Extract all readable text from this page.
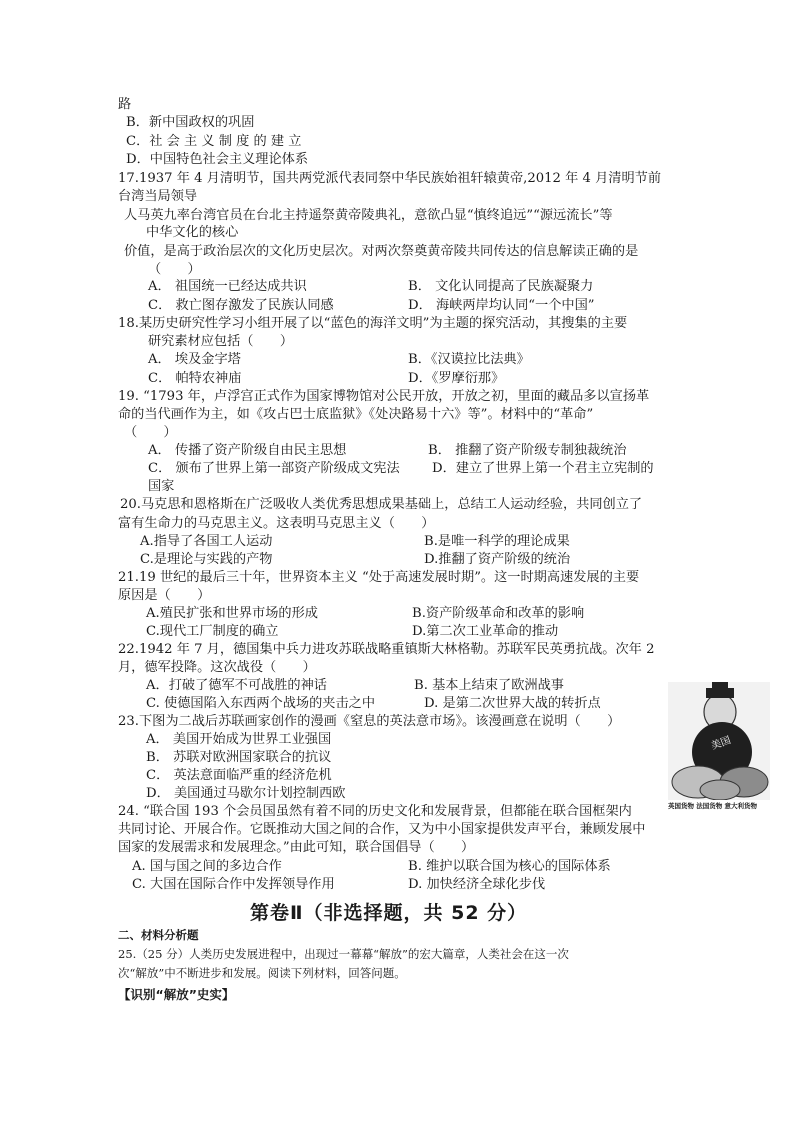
路
B．新中国政权的巩固
C．社 会 主 义 制 度 的 建 立
D．中国特色社会主义理论体系
17.1937 年 4 月清明节，国共两党派代表同祭中华民族始祖轩辕黄帝,2012 年 4 月清明节前
台湾当局领导
人马英九率台湾官员在台北主持遥祭黄帝陵典礼，意欲凸显“慎终追远”“源远流长”等
中华文化的核心
价值，是高于政治层次的文化历史层次。对两次祭奠黄帝陵共同传达的信息解读正确的是
（　　）
A． 祖国统一已经达成共识	B． 文化认同提高了民族凝聚力
C． 救亡图存激发了民族认同感	D． 海峡两岸均认同“一个中国”
18.某历史研究性学习小组开展了以“蓝色的海洋文明”为主题的探究活动，其搜集的主要
研究素材应包括（　　）
A． 埃及金字塔	B．《汉谟拉比法典》
C． 帕特农神庙	D．《罗摩衍那》
19. “1793 年，卢浮宫正式作为国家博物馆对公民开放，开放之初，里面的藏品多以宣扬革
命的当代画作为主，如《攻占巴士底监狱》《处决路易十六》等”。材料中的“革命”
（　　）
A． 传播了资产阶级自由民主思想	B． 推翻了资产阶级专制独裁统治
C． 颁布了世界上第一部资产阶级成文宪法 D．建立了世界上第一个君主立宪制的
国家
20.马克思和恩格斯在广泛吸收人类优秀思想成果基础上，总结工人运动经验，共同创立了
富有生命力的马克思主义。这表明马克思主义（　　）
A.指导了各国工人运动	B.是唯一科学的理论成果
C.是理论与实践的产物	D.推翻了资产阶级的统治
21.19 世纪的最后三十年，世界资本主义 “处于高速发展时期”。这一时期高速发展的主要
原因是（　　）
A.殖民扩张和世界市场的形成	B.资产阶级革命和改革的影响
C.现代工厂制度的确立	D.第二次工业革命的推动
22.1942 年 7 月，德国集中兵力进攻苏联战略重镇斯大林格勒。苏联军民英勇抗战。次年 2
月，德军投降。这次战役（　　）
A．打破了德军不可战胜的神话	B. 基本上结束了欧洲战事
C. 使德国陷入东西两个战场的夹击之中	D. 是第二次世界大战的转折点
23.下图为二战后苏联画家创作的漫画《窒息的英法意市场》。该漫画意在说明（　　）
A． 美国开始成为世界工业强国
B． 苏联对欧洲国家联合的抗议
C． 英法意面临严重的经济危机
D． 美国通过马歇尔计划控制西欧
美国
英国货物 法国货物 意大利货物
24. “联合国 193 个会员国虽然有着不同的历史文化和发展背景，但都能在联合国框架内
共同讨论、开展合作。它既推动大国之间的合作，又为中小国家提供发声平台，兼顾发展中
国家的发展需求和发展理念。”由此可知，联合国倡导（　　）
A. 国与国之间的多边合作	B. 维护以联合国为核心的国际体系
C. 大国在国际合作中发挥领导作用	D. 加快经济全球化步伐
第卷Ⅱ（非选择题，共 52 分）
二、材料分析题
25.（25 分）人类历史发展进程中，出现过一幕幕“解放”的宏大篇章，人类社会在这一次
次“解放”中不断进步和发展。阅读下列材料，回答问题。
【识别“解放”史实】
